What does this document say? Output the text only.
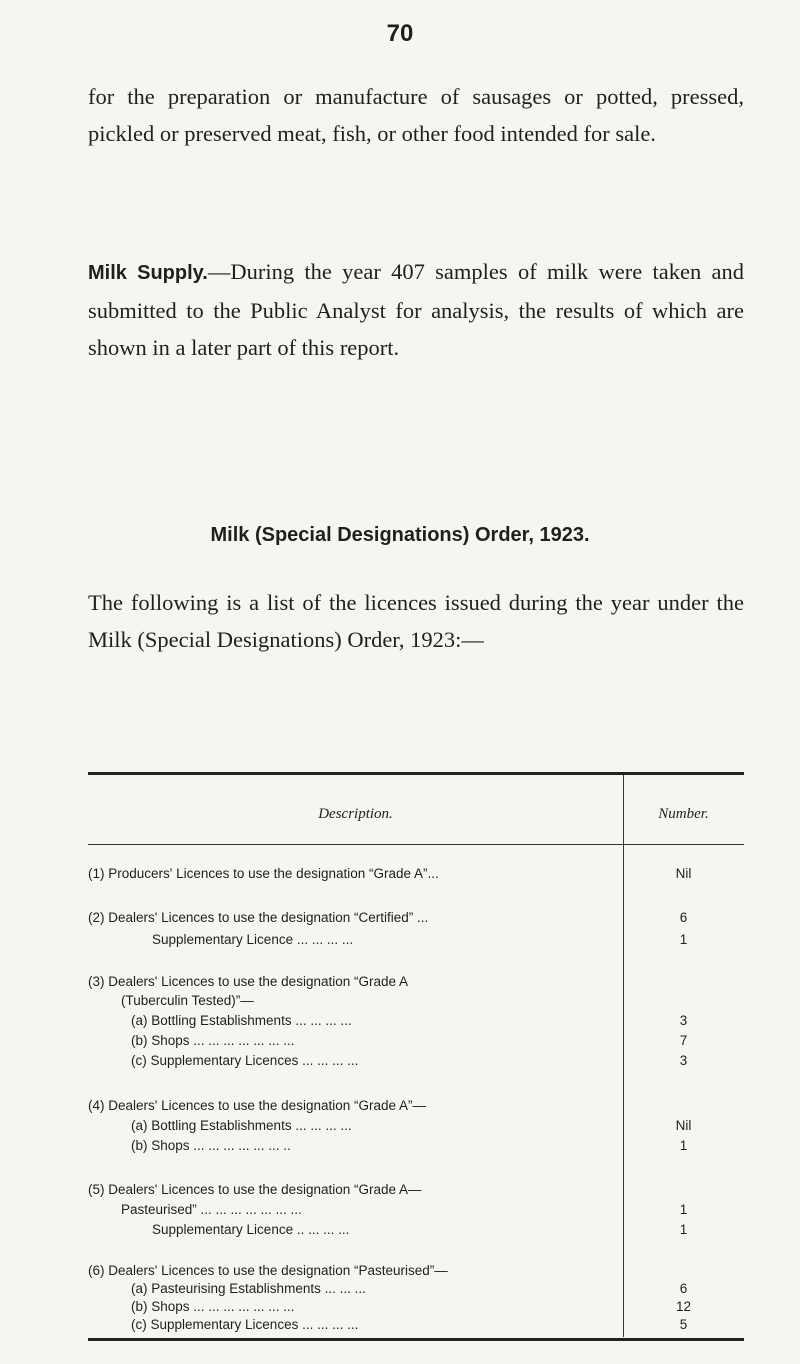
70
for the preparation or manufacture of sausages or potted, pressed, pickled or preserved meat, fish, or other food intended for sale.
Milk Supply.—During the year 407 samples of milk were taken and submitted to the Public Analyst for analysis, the results of which are shown in a later part of this report.
Milk (Special Designations) Order, 1923.
The following is a list of the licences issued during the year under the Milk (Special Designations) Order, 1923:—
Description.	Number.
(1) Producers' Licences to use the designation “Grade A”...	Nil
(2) Dealers' Licences to use the designation “Certified” ...	6
Supplementary Licence ... ... ... ...	1
(3) Dealers' Licences to use the designation “Grade A
(Tuberculin Tested)”—
(a) Bottling Establishments ... ... ... ...	3
(b) Shops ... ... ... ... ... ... ...	7
(c) Supplementary Licences ... ... ... ...	3
(4) Dealers' Licences to use the designation “Grade A”—
(a) Bottling Establishments ... ... ... ...	Nil
(b) Shops ... ... ... ... ... ... ..	1
(5) Dealers' Licences to use the designation “Grade A—
Pasteurised” ... ... ... ... ... ... ...	1
Supplementary Licence .. ... ... ...	1
(6) Dealers' Licences to use the designation “Pasteurised”—
(a) Pasteurising Establishments ... ... ...	6
(b) Shops ... ... ... ... ... ... ...	12
(c) Supplementary Licences ... ... ... ...	5
